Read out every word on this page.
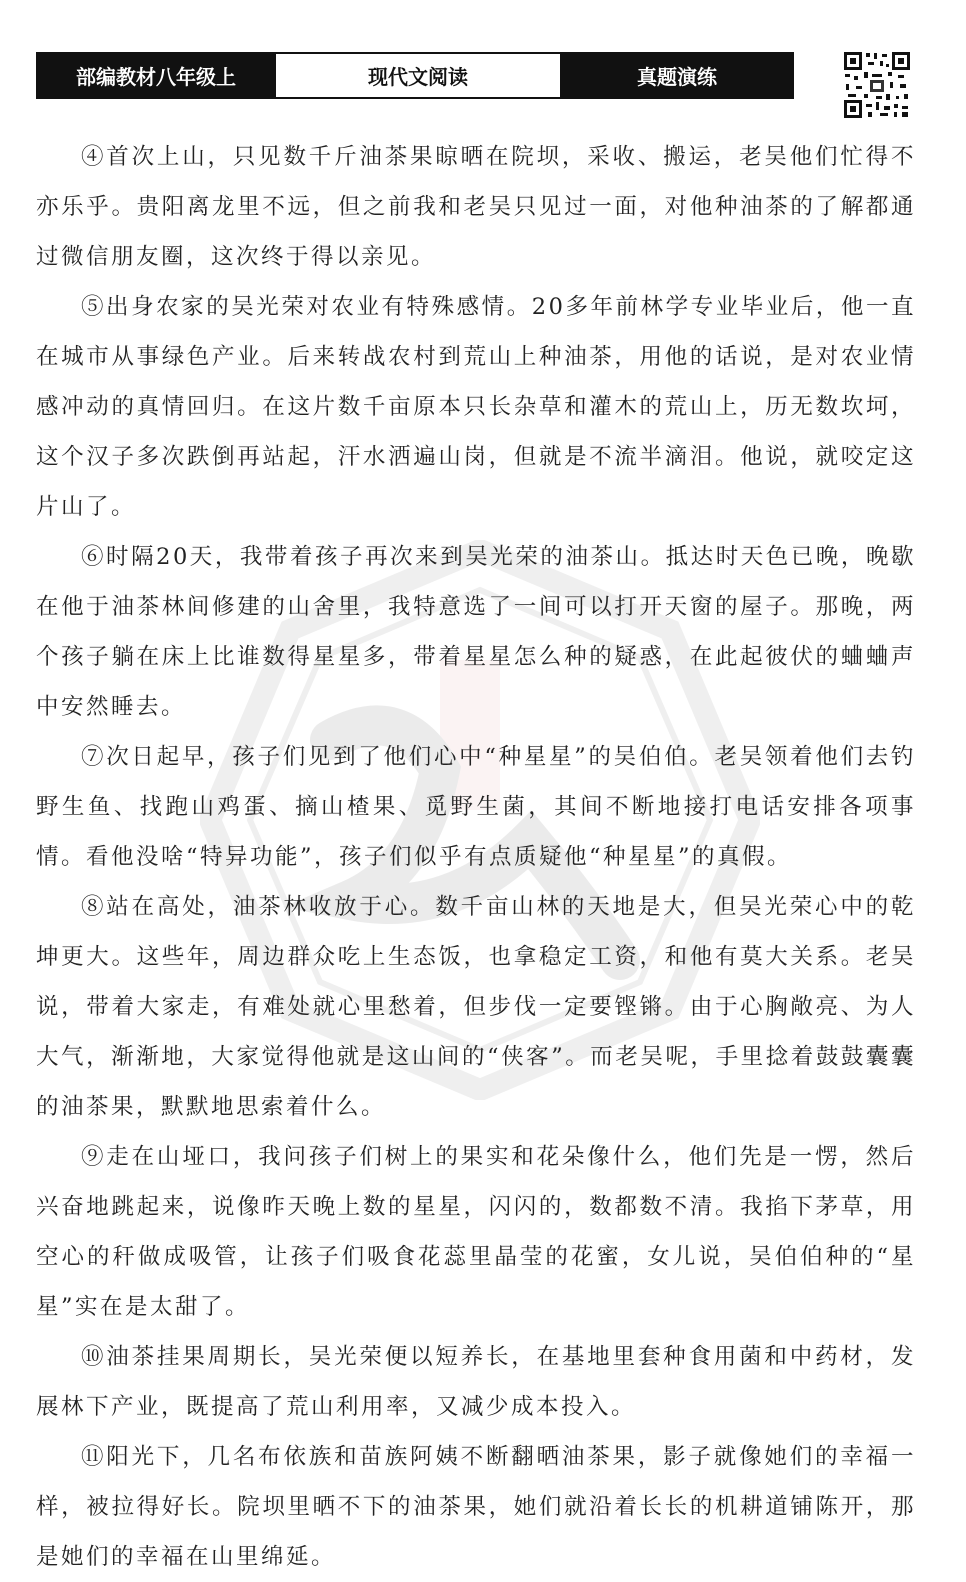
部编教材八年级上	现代文阅读	真题演练

④首次上山，只见数千斤油茶果晾晒在院坝，采收、搬运，老吴他们忙得不亦乐乎。贵阳离龙里不远，但之前我和老吴只见过一面，对他种油茶的了解都通过微信朋友圈，这次终于得以亲见。

⑤出身农家的吴光荣对农业有特殊感情。20多年前林学专业毕业后，他一直在城市从事绿色产业。后来转战农村到荒山上种油茶，用他的话说，是对农业情感冲动的真情回归。在这片数千亩原本只长杂草和灌木的荒山上，历无数坎坷，这个汉子多次跌倒再站起，汗水洒遍山岗，但就是不流半滴泪。他说，就咬定这片山了。

⑥时隔20天，我带着孩子再次来到吴光荣的油茶山。抵达时天色已晚，晚歇在他于油茶林间修建的山舍里，我特意选了一间可以打开天窗的屋子。那晚，两个孩子躺在床上比谁数得星星多，带着星星怎么种的疑惑，在此起彼伏的蛐蛐声中安然睡去。

⑦次日起早，孩子们见到了他们心中“种星星”的吴伯伯。老吴领着他们去钓野生鱼、找跑山鸡蛋、摘山楂果、觅野生菌，其间不断地接打电话安排各项事情。看他没啥“特异功能”，孩子们似乎有点质疑他“种星星”的真假。

⑧站在高处，油茶林收放于心。数千亩山林的天地是大，但吴光荣心中的乾坤更大。这些年，周边群众吃上生态饭，也拿稳定工资，和他有莫大关系。老吴说，带着大家走，有难处就心里愁着，但步伐一定要铿锵。由于心胸敞亮、为人大气，渐渐地，大家觉得他就是这山间的“侠客”。而老吴呢，手里捻着鼓鼓囊囊的油茶果，默默地思索着什么。

⑨走在山垭口，我问孩子们树上的果实和花朵像什么，他们先是一愣，然后兴奋地跳起来，说像昨天晚上数的星星，闪闪的，数都数不清。我掐下茅草，用空心的秆做成吸管，让孩子们吸食花蕊里晶莹的花蜜，女儿说，吴伯伯种的“星星”实在是太甜了。

⑩油茶挂果周期长，吴光荣便以短养长，在基地里套种食用菌和中药材，发展林下产业，既提高了荒山利用率，又减少成本投入。

⑪阳光下，几名布依族和苗族阿姨不断翻晒油茶果，影子就像她们的幸福一样，被拉得好长。院坝里晒不下的油茶果，她们就沿着长长的机耕道铺陈开，那是她们的幸福在山里绵延。
